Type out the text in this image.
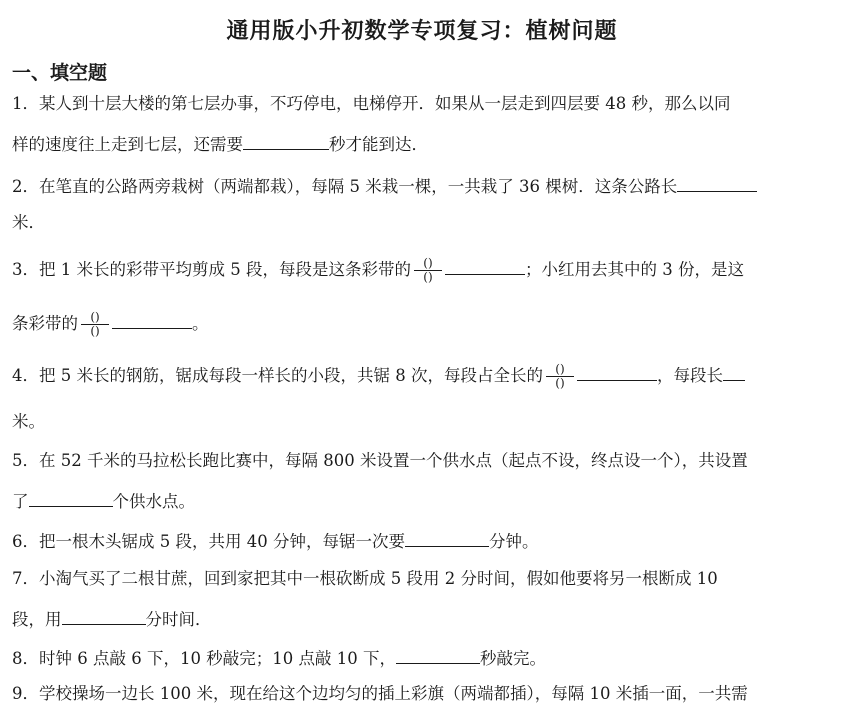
通用版小升初数学专项复习：植树问题
一、填空题
1．某人到十层大楼的第七层办事，不巧停电，电梯停开．如果从一层走到四层要 48 秒，那么以同
样的速度往上走到七层，还需要	秒才能到达．
2．在笔直的公路两旁栽树（两端都栽），每隔 5 米栽一棵，一共栽了 36 棵树．这条公路长
米．
3．把 1 米长的彩带平均剪成 5 段，每段是这条彩带的 $\frac{()}{()}$	；小红用去其中的 3 份，是这
条彩带的 $\frac{()}{()}$	。
4．把 5 米长的钢筋，锯成每段一样长的小段，共锯 8 次，每段占全长的 $\frac{()}{()}$	，每段长
米。
5．在 52 千米的马拉松长跑比赛中，每隔 800 米设置一个供水点（起点不设，终点设一个），共设置
了	个供水点。
6．把一根木头锯成 5 段，共用 40 分钟，每锯一次要	分钟。
7．小淘气买了二根甘蔗，回到家把其中一根砍断成 5 段用 2 分时间，假如他要将另一根断成 10
段，用	分时间．
8．时钟 6 点敲 6 下，10 秒敲完；10 点敲 10 下，	秒敲完。
9．学校操场一边长 100 米，现在给这个边均匀的插上彩旗（两端都插），每隔 10 米插一面，一共需
